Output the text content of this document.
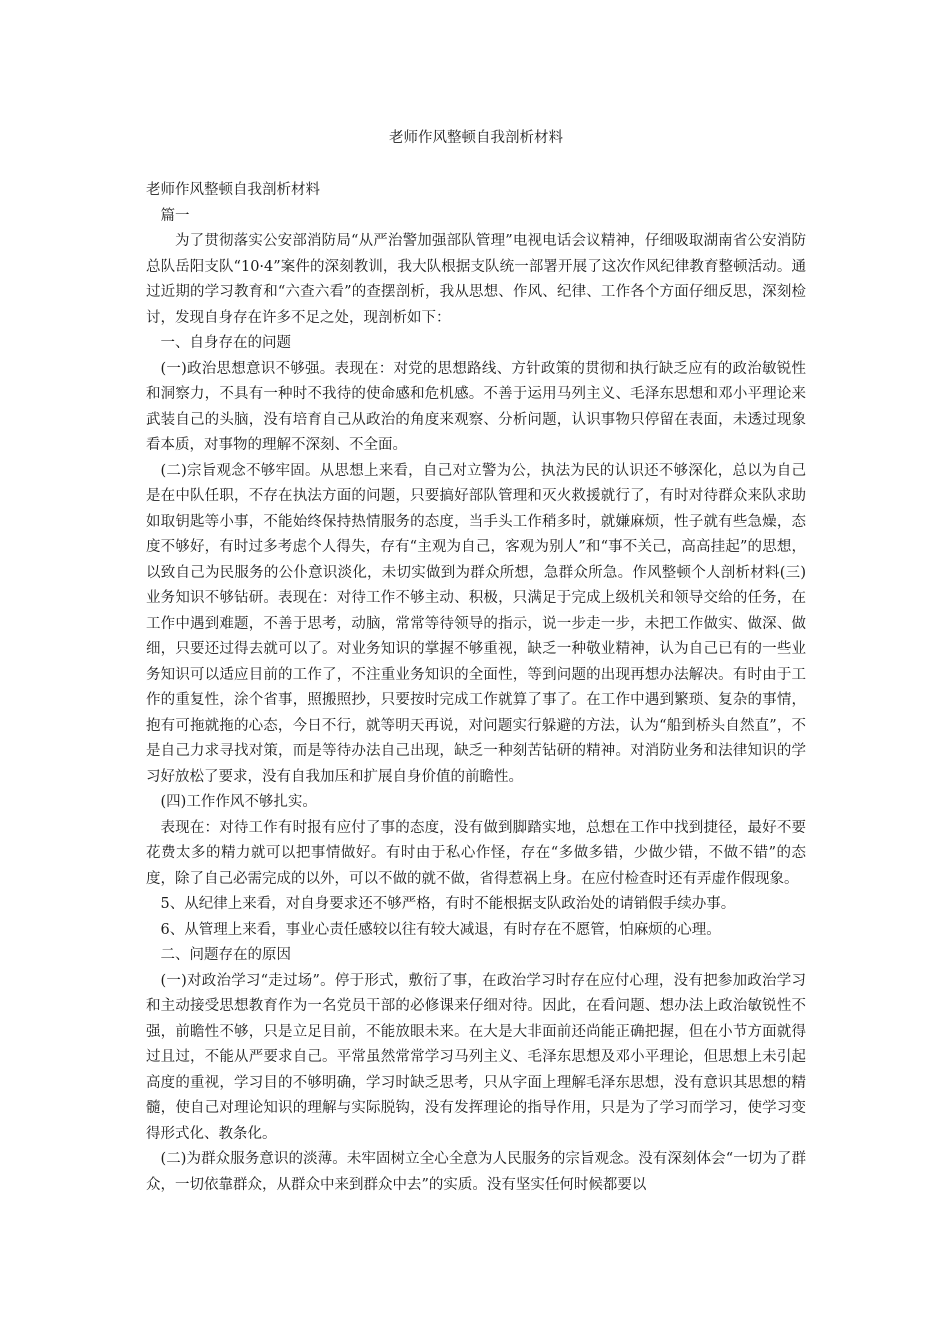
老师作风整顿自我剖析材料

老师作风整顿自我剖析材料

篇一

为了贯彻落实公安部消防局“从严治警加强部队管理”电视电话会议精神，仔细吸取湖南省公安消防总队岳阳支队“10·4”案件的深刻教训，我大队根据支队统一部署开展了这次作风纪律教育整顿活动。通过近期的学习教育和“六查六看”的查摆剖析，我从思想、作风、纪律、工作各个方面仔细反思，深刻检讨，发现自身存在许多不足之处，现剖析如下：

一、自身存在的问题

(一)政治思想意识不够强。表现在：对党的思想路线、方针政策的贯彻和执行缺乏应有的政治敏锐性和洞察力，不具有一种时不我待的使命感和危机感。不善于运用马列主义、毛泽东思想和邓小平理论来武装自己的头脑，没有培育自己从政治的角度来观察、分析问题，认识事物只停留在表面，未透过现象看本质，对事物的理解不深刻、不全面。

(二)宗旨观念不够牢固。从思想上来看，自己对立警为公，执法为民的认识还不够深化，总以为自己是在中队任职，不存在执法方面的问题，只要搞好部队管理和灭火救援就行了，有时对待群众来队求助如取钥匙等小事，不能始终保持热情服务的态度，当手头工作稍多时，就嫌麻烦，性子就有些急燥，态度不够好，有时过多考虑个人得失，存有“主观为自己，客观为别人”和“事不关己，高高挂起”的思想，以致自己为民服务的公仆意识淡化，未切实做到为群众所想，急群众所急。作风整顿个人剖析材料(三)业务知识不够钻研。表现在：对待工作不够主动、积极，只满足于完成上级机关和领导交给的任务，在工作中遇到难题，不善于思考，动脑，常常等待领导的指示，说一步走一步，未把工作做实、做深、做细，只要还过得去就可以了。对业务知识的掌握不够重视，缺乏一种敬业精神，认为自己已有的一些业务知识可以适应目前的工作了，不注重业务知识的全面性，等到问题的出现再想办法解决。有时由于工作的重复性，涂个省事，照搬照抄，只要按时完成工作就算了事了。在工作中遇到繁琐、复杂的事情，抱有可拖就拖的心态，今日不行，就等明天再说，对问题实行躲避的方法，认为“船到桥头自然直”，不是自己力求寻找对策，而是等待办法自己出现，缺乏一种刻苦钻研的精神。对消防业务和法律知识的学习好放松了要求，没有自我加压和扩展自身价值的前瞻性。

(四)工作作风不够扎实。

表现在：对待工作有时报有应付了事的态度，没有做到脚踏实地，总想在工作中找到捷径，最好不要花费太多的精力就可以把事情做好。有时由于私心作怪，存在“多做多错，少做少错，不做不错”的态度，除了自己必需完成的以外，可以不做的就不做，省得惹祸上身。在应付检查时还有弄虚作假现象。

5、从纪律上来看，对自身要求还不够严格，有时不能根据支队政治处的请销假手续办事。

6、从管理上来看，事业心责任感较以往有较大减退，有时存在不愿管，怕麻烦的心理。

二、问题存在的原因

(一)对政治学习“走过场”。停于形式，敷衍了事，在政治学习时存在应付心理，没有把参加政治学习和主动接受思想教育作为一名党员干部的必修课来仔细对待。因此，在看问题、想办法上政治敏锐性不强，前瞻性不够，只是立足目前，不能放眼未来。在大是大非面前还尚能正确把握，但在小节方面就得过且过，不能从严要求自己。平常虽然常常学习马列主义、毛泽东思想及邓小平理论，但思想上未引起高度的重视，学习目的不够明确，学习时缺乏思考，只从字面上理解毛泽东思想，没有意识其思想的精髓，使自己对理论知识的理解与实际脱钩，没有发挥理论的指导作用，只是为了学习而学习，使学习变得形式化、教条化。

(二)为群众服务意识的淡薄。未牢固树立全心全意为人民服务的宗旨观念。没有深刻体会“一切为了群众，一切依靠群众，从群众中来到群众中去”的实质。没有坚实任何时候都要以
